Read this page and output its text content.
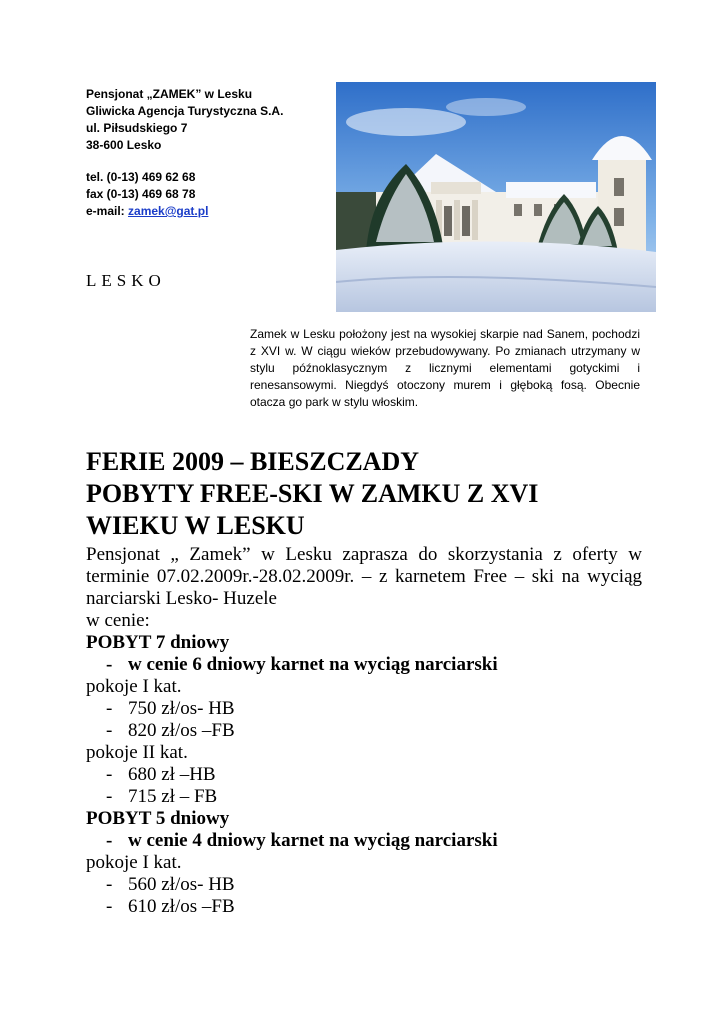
Pensjonat „ZAMEK” w Lesku
Gliwicka Agencja Turystyczna S.A.
ul. Piłsudskiego 7
38-600 Lesko
tel. (0-13) 469 62 68
fax (0-13) 469 68 78
e-mail: zamek@gat.pl
LESKO
Zamek w Lesku położony jest na wysokiej skarpie nad Sanem, pochodzi z XVI w. W ciągu wieków przebudowywany. Po zmianach utrzymany w stylu późnoklasycznym z licznymi elementami gotyckimi i renesansowymi. Niegdyś otoczony murem i głęboką fosą. Obecnie otacza go park w stylu włoskim.
FERIE 2009 – BIESZCZADY
POBYTY FREE-SKI W ZAMKU Z XVI
WIEKU W LESKU
Pensjonat „ Zamek” w Lesku zaprasza do skorzystania z oferty w terminie 07.02.2009r.-28.02.2009r. – z karnetem Free – ski na wyciąg narciarski Lesko- Huzele
w cenie:
POBYT 7 dniowy
- w cenie 6 dniowy karnet na wyciąg narciarski
pokoje I kat.
- 750 zł/os- HB
- 820 zł/os –FB
pokoje II kat.
- 680 zł –HB
- 715 zł – FB
POBYT 5 dniowy
- w cenie 4 dniowy karnet na wyciąg narciarski
pokoje I kat.
- 560 zł/os- HB
- 610 zł/os –FB
